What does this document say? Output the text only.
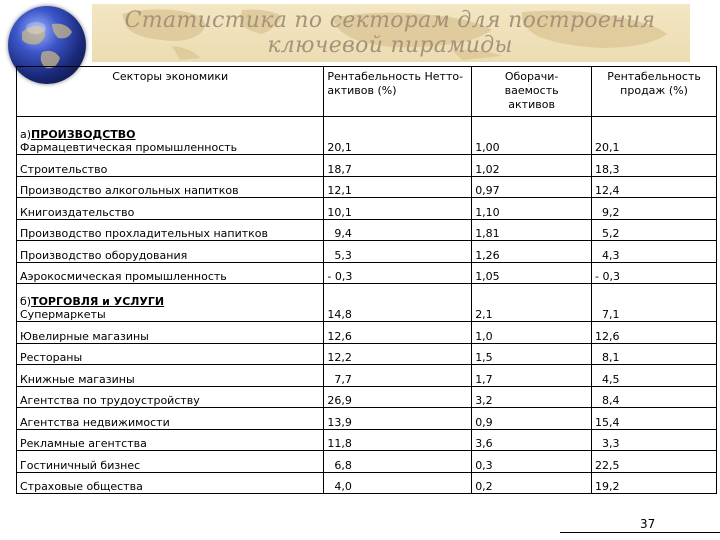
Статистика по секторам для построения
ключевой пирамиды
Секторы экономики	Рентабельность Нетто-активов (%)	Оборачи-ваемость активов	Рентабельность продаж (%)

а)ПРОИЗВОДСТВО
Фармацевтическая промышленность	20,1	1,00	20,1
Строительство	18,7	1,02	18,3
Производство алкогольных напитков	12,1	0,97	12,4
Книгоиздательство	10,1	1,10	9,2
Производство прохладительных напитков	9,4	1,81	5,2
Производство оборудования	5,3	1,26	4,3
Аэрокосмическая промышленность	- 0,3	1,05	- 0,3

б)ТОРГОВЛЯ и УСЛУГИ
Супермаркеты	14,8	2,1	7,1
Ювелирные магазины	12,6	1,0	12,6
Рестораны	12,2	1,5	8,1
Книжные магазины	7,7	1,7	4,5
Агентства по трудоустройству	26,9	3,2	8,4
Агентства недвижимости	13,9	0,9	15,4
Рекламные агентства	11,8	3,6	3,3
Гостиничный бизнес	6,8	0,3	22,5
Страховые общества	4,0	0,2	19,2
37
